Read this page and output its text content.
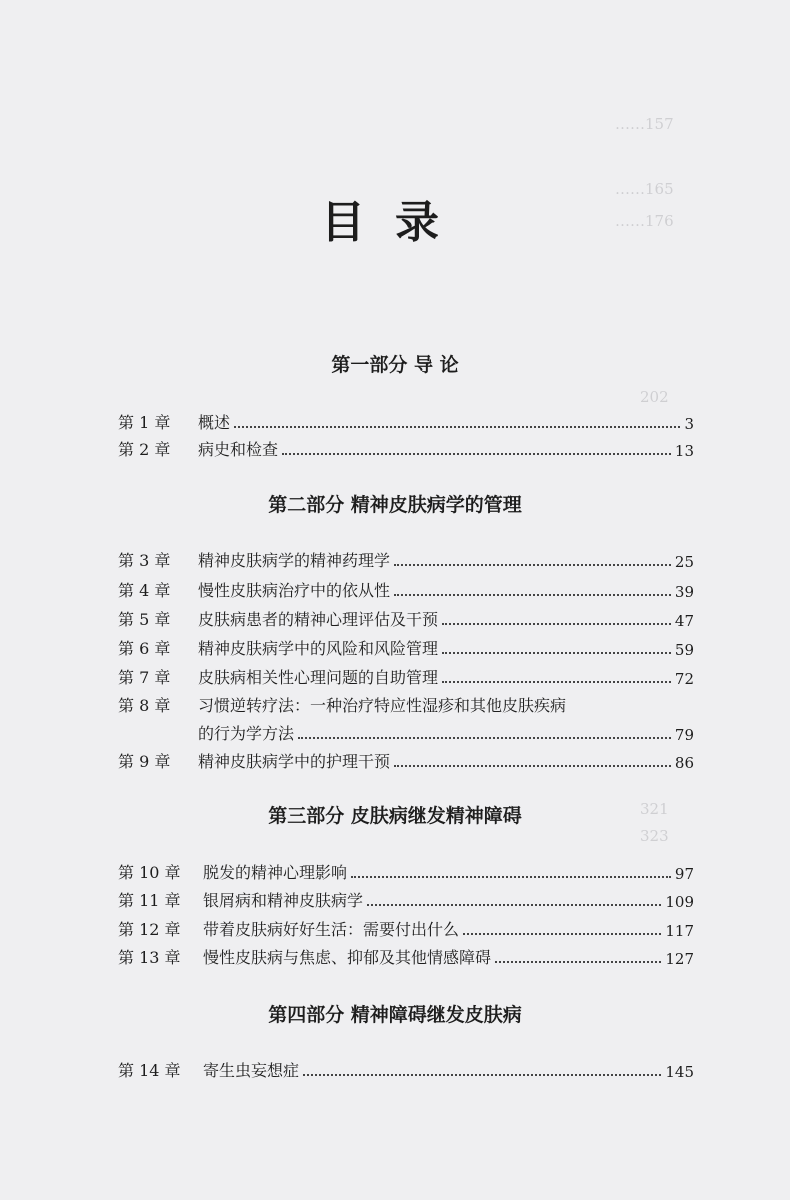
……157
……165
……176
202
321
323
目录
第一部分 导 论
第 1 章	概述	3
第 2 章	病史和检查	13
第二部分 精神皮肤病学的管理
第 3 章	精神皮肤病学的精神药理学	25
第 4 章	慢性皮肤病治疗中的依从性	39
第 5 章	皮肤病患者的精神心理评估及干预	47
第 6 章	精神皮肤病学中的风险和风险管理	59
第 7 章	皮肤病相关性心理问题的自助管理	72
第 8 章	习惯逆转疗法：一种治疗特应性湿疹和其他皮肤疾病
的行为学方法	79
第 9 章	精神皮肤病学中的护理干预	86
第三部分 皮肤病继发精神障碍
第 10 章	脱发的精神心理影响	97
第 11 章	银屑病和精神皮肤病学	109
第 12 章	带着皮肤病好好生活：需要付出什么	117
第 13 章	慢性皮肤病与焦虑、抑郁及其他情感障碍	127
第四部分 精神障碍继发皮肤病
第 14 章	寄生虫妄想症	145
